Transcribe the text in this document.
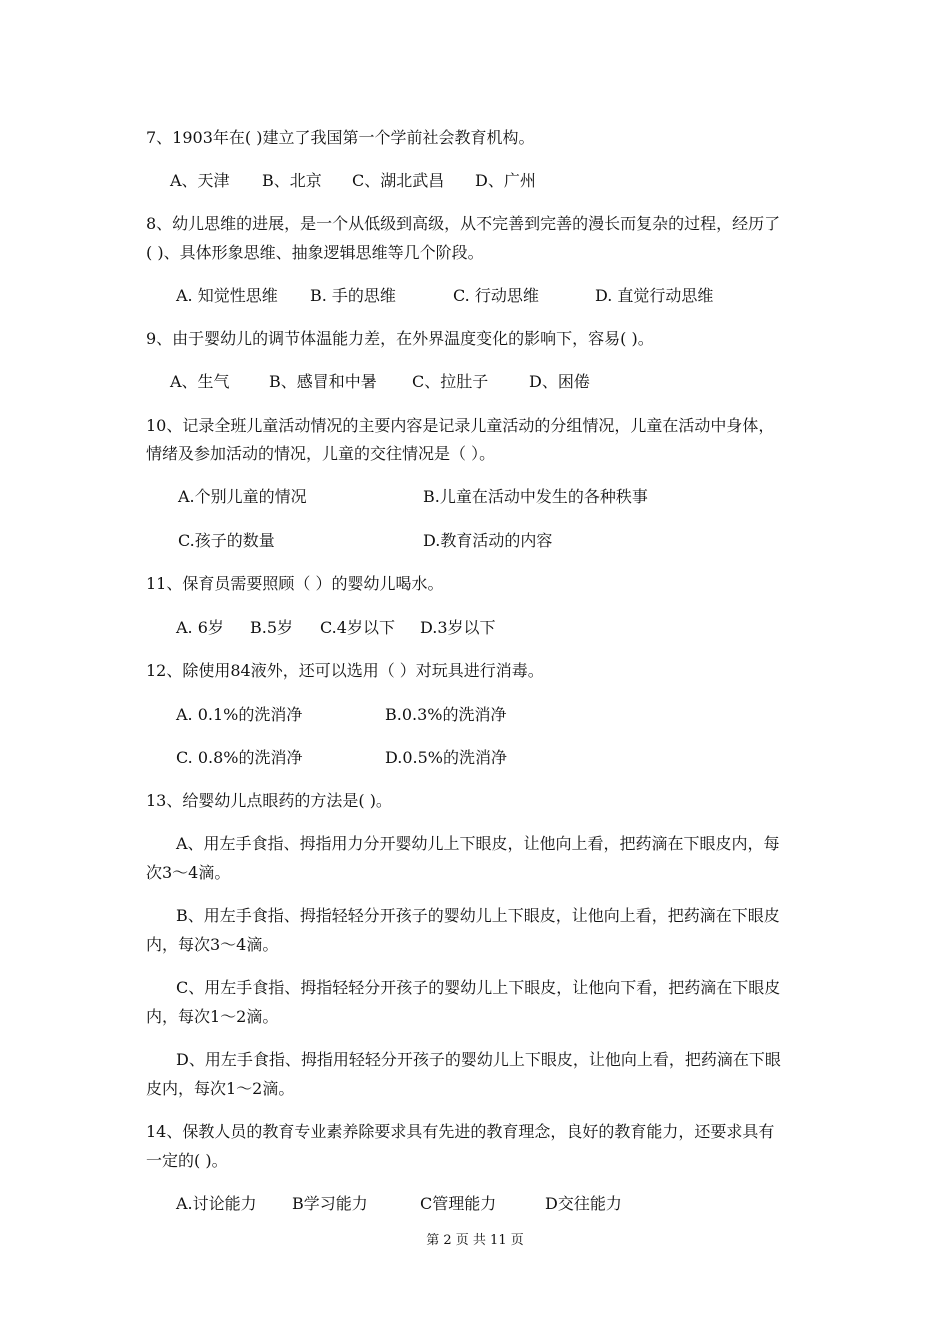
7、1903年在( )建立了我国第一个学前社会教育机构。
A、天津 B、北京 C、湖北武昌 D、广州
8、幼儿思维的进展，是一个从低级到高级，从不完善到完善的漫长而复杂的过程，经历了
( )、具体形象思维、抽象逻辑思维等几个阶段。
A. 知觉性思维 B. 手的思维	C. 行动思维	D. 直觉行动思维
9、由于婴幼儿的调节体温能力差，在外界温度变化的影响下，容易( )。
A、生气 B、感冒和中暑 C、拉肚子	D、困倦
10、记录全班儿童活动情况的主要内容是记录儿童活动的分组情况，儿童在活动中身体，
情绪及参加活动的情况，儿童的交往情况是（ ）。
A.个别儿童的情况	B.儿童在活动中发生的各种秩事
C.孩子的数量	D.教育活动的内容
11、保育员需要照顾（ ）的婴幼儿喝水。
A. 6岁 B.5岁 C.4岁以下 D.3岁以下
12、除使用84液外，还可以选用（ ）对玩具进行消毒。
A. 0.1%的洗消净	B.0.3%的洗消净
C. 0.8%的洗消净	D.0.5%的洗消净
13、给婴幼儿点眼药的方法是( )。
A、用左手食指、拇指用力分开婴幼儿上下眼皮，让他向上看，把药滴在下眼皮内，每
次3～4滴。
B、用左手食指、拇指轻轻分开孩子的婴幼儿上下眼皮，让他向上看，把药滴在下眼皮
内，每次3～4滴。
C、用左手食指、拇指轻轻分开孩子的婴幼儿上下眼皮，让他向下看，把药滴在下眼皮
内，每次1～2滴。
D、用左手食指、拇指用轻轻分开孩子的婴幼儿上下眼皮，让他向上看，把药滴在下眼
皮内，每次1～2滴。
14、保教人员的教育专业素养除要求具有先进的教育理念，良好的教育能力，还要求具有
一定的( )。
A.讨论能力 B学习能力	C管理能力	D交往能力
第 2 页 共 11 页
